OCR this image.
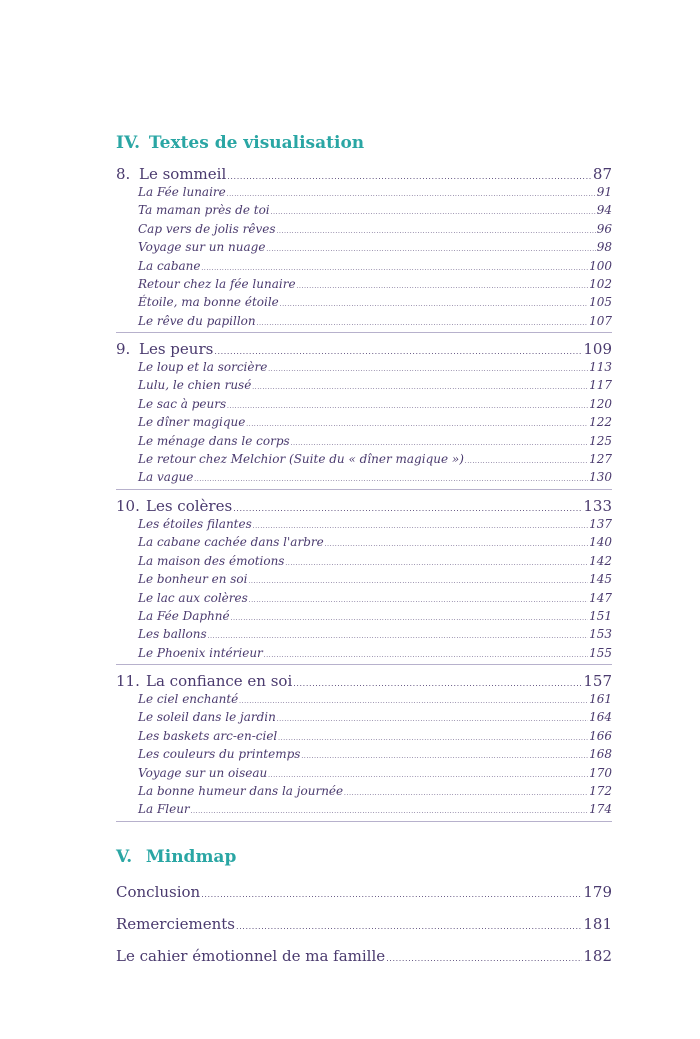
IV. Textes de visualisation
8. Le sommeil .....	87
La Fée lunaire .....	91
Ta maman près de toi .....	94
Cap vers de jolis rêves .....	96
Voyage sur un nuage .....	98
La cabane .....	100
Retour chez la fée lunaire .....	102
Étoile, ma bonne étoile .....	105
Le rêve du papillon .....	107
9. Les peurs .....	109
Le loup et la sorcière .....	113
Lulu, le chien rusé .....	117
Le sac à peurs .....	120
Le dîner magique .....	122
Le ménage dans le corps .....	125
Le retour chez Melchior (Suite du « dîner magique ») .....	127
La vague .....	130
10. Les colères .....	133
Les étoiles filantes .....	137
La cabane cachée dans l'arbre .....	140
La maison des émotions .....	142
Le bonheur en soi .....	145
Le lac aux colères .....	147
La Fée Daphné .....	151
Les ballons .....	153
Le Phoenix intérieur .....	155
11. La confiance en soi .....	157
Le ciel enchanté .....	161
Le soleil dans le jardin .....	164
Les baskets arc-en-ciel .....	166
Les couleurs du printemps .....	168
Voyage sur un oiseau .....	170
La bonne humeur dans la journée .....	172
La Fleur .....	174
V. Mindmap
Conclusion .....	179
Remerciements .....	181
Le cahier émotionnel de ma famille .....	182
